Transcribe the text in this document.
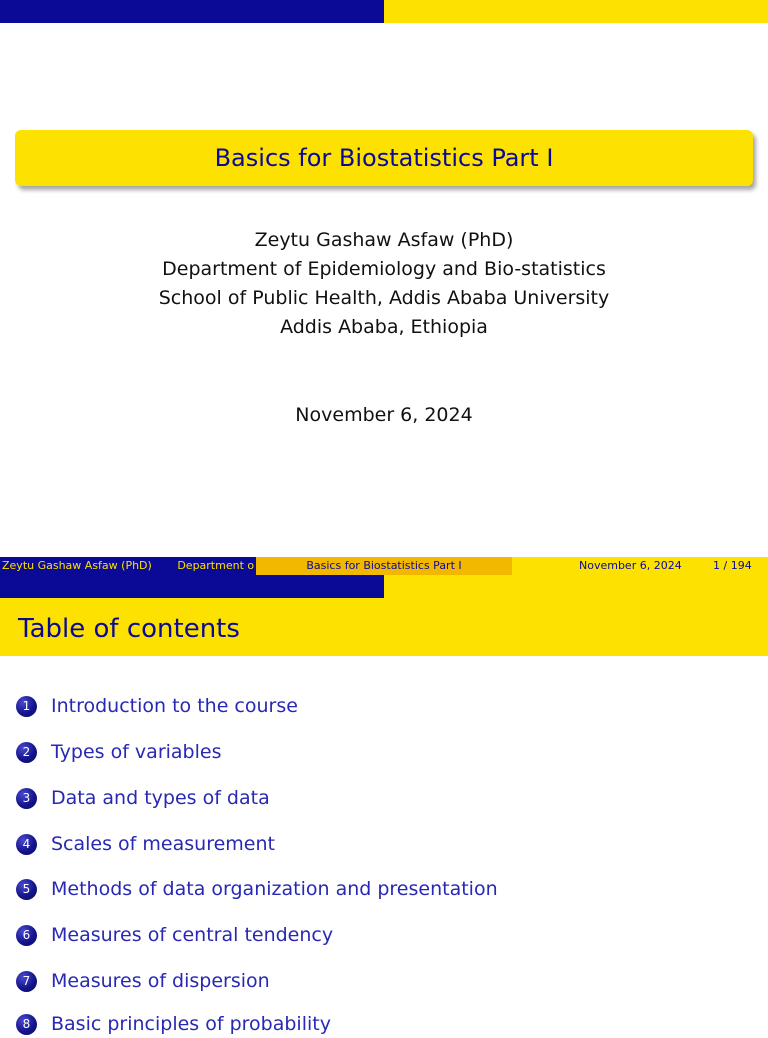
Basics for Biostatistics Part I
Zeytu Gashaw Asfaw (PhD)
Department of Epidemiology and Bio-statistics
School of Public Health, Addis Ababa University
Addis Ababa, Ethiopia
November 6, 2024
Zeytu Gashaw Asfaw (PhD) Department o	Basics for Biostatistics Part I	November 6, 2024	1 / 194
Table of contents
1	Introduction to the course
2	Types of variables
3	Data and types of data
4	Scales of measurement
5	Methods of data organization and presentation
6	Measures of central tendency
7	Measures of dispersion
8	Basic principles of probability
